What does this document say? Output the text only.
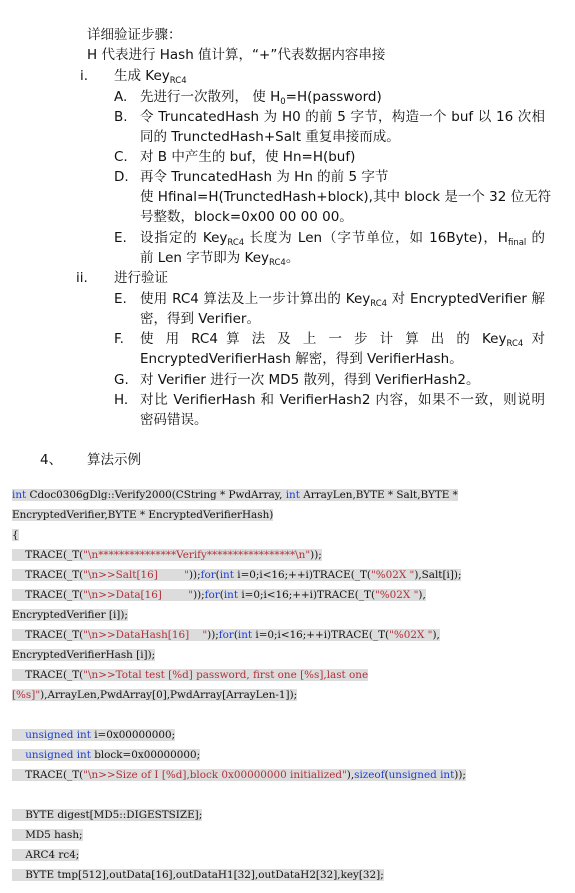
详细验证步骤：
H 代表进行 Hash 值计算，“+”代表数据内容串接
i. 生成 Key$_{RC4}$
A. 先进行一次散列， 使 $H_0=H(password)$
B. 令 TruncatedHash 为 H0 的前 5 字节，构造一个 buf 以 16 次相
同的 TrunctedHash+Salt 重复串接而成。
C. 对 B 中产生的 buf，使 Hn=H(buf)
D. 再令 TruncatedHash 为 Hn 的前 5 字节
使 Hfinal=H(TrunctedHash+block),其中 block 是一个 32 位无符
号整数，block=0x00 00 00 00。
E. 设指定的 Key$_{RC4}$ 长度为 Len（字节单位，如 16Byte)，$H_{final}$ 的
前 Len 字节即为 Key$_{RC4}$。
ii. 进行验证
E. 使用 RC4 算法及上一步计算出的 Key$_{RC4}$ 对 EncryptedVerifier 解
密，得到 Verifier。
F. 使 用 RC4 算 法 及 上 一 步 计 算 出 的 Key$_{RC4}$ 对
EncryptedVerifierHash 解密，得到 VerifierHash。
G. 对 Verifier 进行一次 MD5 散列，得到 VerifierHash2。
H. 对比 VerifierHash 和 VerifierHash2 内容，如果不一致，则说明
密码错误。
4、 算法示例
int Cdoc0306gDlg::Verify2000(CString * PwdArray, int ArrayLen,BYTE * Salt,BYTE *
EncryptedVerifier,BYTE * EncryptedVerifierHash)
{
TRACE(_T("\n***************Verify*****************\n"));
TRACE(_T("\n>>Salt[16]        "));for(int i=0;i<16;++i)TRACE(_T("%02X "),Salt[i]);
TRACE(_T("\n>>Data[16]        "));for(int i=0;i<16;++i)TRACE(_T("%02X "),
EncryptedVerifier [i]);
TRACE(_T("\n>>DataHash[16]    "));for(int i=0;i<16;++i)TRACE(_T("%02X "),
EncryptedVerifierHash [i]);
TRACE(_T("\n>>Total test [%d] password, first one [%s],last one
[%s]"),ArrayLen,PwdArray[0],PwdArray[ArrayLen-1]);
unsigned int i=0x00000000;
unsigned int block=0x00000000;
TRACE(_T("\n>>Size of I [%d],block 0x00000000 initialized"),sizeof(unsigned int));
BYTE digest[MD5::DIGESTSIZE];
MD5 hash;
ARC4 rc4;
BYTE tmp[512],outData[16],outDataH1[32],outDataH2[32],key[32];
